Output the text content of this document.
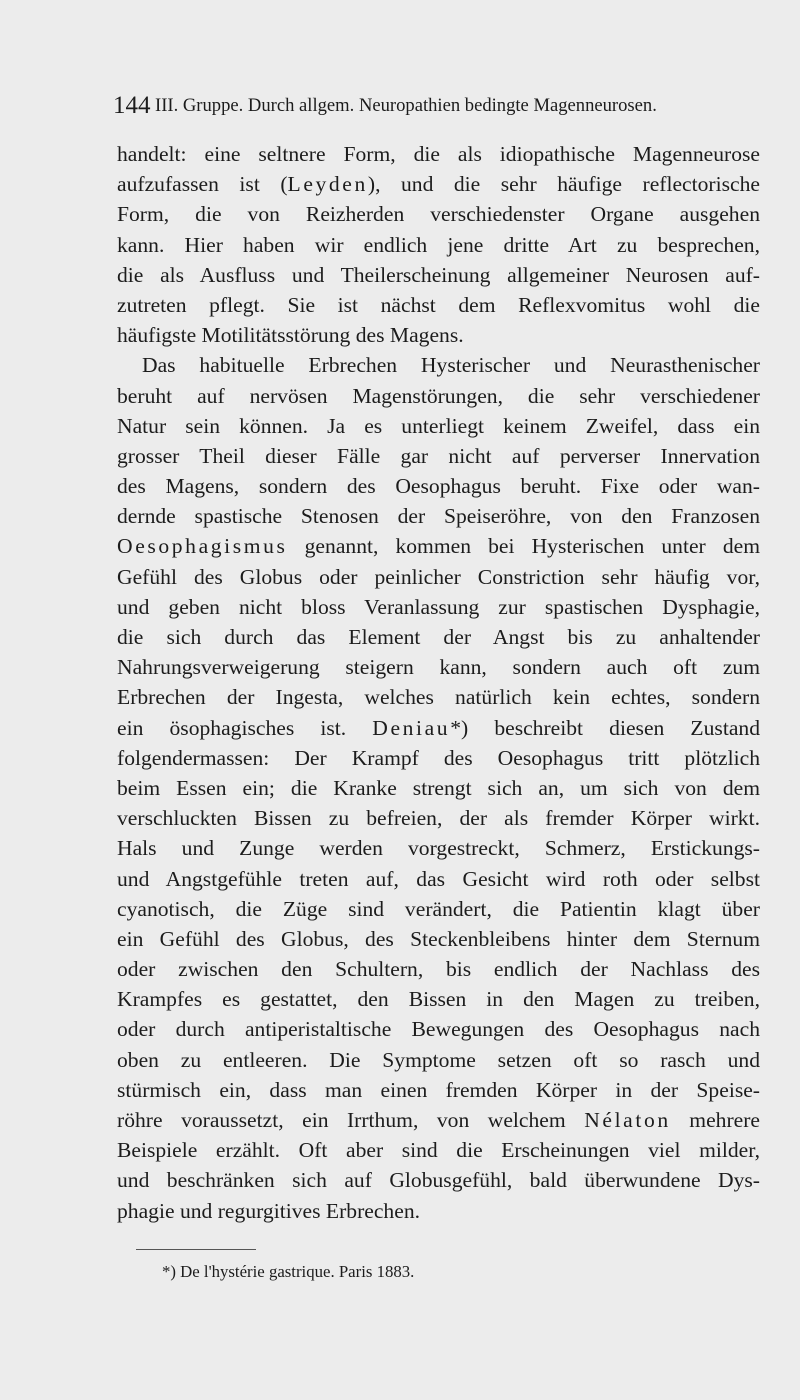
144 III. Gruppe. Durch allgem. Neuropathien bedingte Magenneurosen.
handelt: eine seltnere Form, die als idiopathische Magenneurose
aufzufassen ist (Leyden), und die sehr häufige reflectorische
Form, die von Reizherden verschiedenster Organe ausgehen
kann. Hier haben wir endlich jene dritte Art zu besprechen,
die als Ausfluss und Theilerscheinung allgemeiner Neurosen auf-
zutreten pflegt. Sie ist nächst dem Reflexvomitus wohl die
häufigste Motilitätsstörung des Magens.
Das habituelle Erbrechen Hysterischer und Neurasthenischer
beruht auf nervösen Magenstörungen, die sehr verschiedener
Natur sein können. Ja es unterliegt keinem Zweifel, dass ein
grosser Theil dieser Fälle gar nicht auf perverser Innervation
des Magens, sondern des Oesophagus beruht. Fixe oder wan-
dernde spastische Stenosen der Speiseröhre, von den Franzosen
Oesophagismus genannt, kommen bei Hysterischen unter dem
Gefühl des Globus oder peinlicher Constriction sehr häufig vor,
und geben nicht bloss Veranlassung zur spastischen Dysphagie,
die sich durch das Element der Angst bis zu anhaltender
Nahrungsverweigerung steigern kann, sondern auch oft zum
Erbrechen der Ingesta, welches natürlich kein echtes, sondern
ein ösophagisches ist. Deniau*) beschreibt diesen Zustand
folgendermassen: Der Krampf des Oesophagus tritt plötzlich
beim Essen ein; die Kranke strengt sich an, um sich von dem
verschluckten Bissen zu befreien, der als fremder Körper wirkt.
Hals und Zunge werden vorgestreckt, Schmerz, Erstickungs-
und Angstgefühle treten auf, das Gesicht wird roth oder selbst
cyanotisch, die Züge sind verändert, die Patientin klagt über
ein Gefühl des Globus, des Steckenbleibens hinter dem Sternum
oder zwischen den Schultern, bis endlich der Nachlass des
Krampfes es gestattet, den Bissen in den Magen zu treiben,
oder durch antiperistaltische Bewegungen des Oesophagus nach
oben zu entleeren. Die Symptome setzen oft so rasch und
stürmisch ein, dass man einen fremden Körper in der Speise-
röhre voraussetzt, ein Irrthum, von welchem Nélaton mehrere
Beispiele erzählt. Oft aber sind die Erscheinungen viel milder,
und beschränken sich auf Globusgefühl, bald überwundene Dys-
phagie und regurgitives Erbrechen.
*) De l'hystérie gastrique. Paris 1883.
